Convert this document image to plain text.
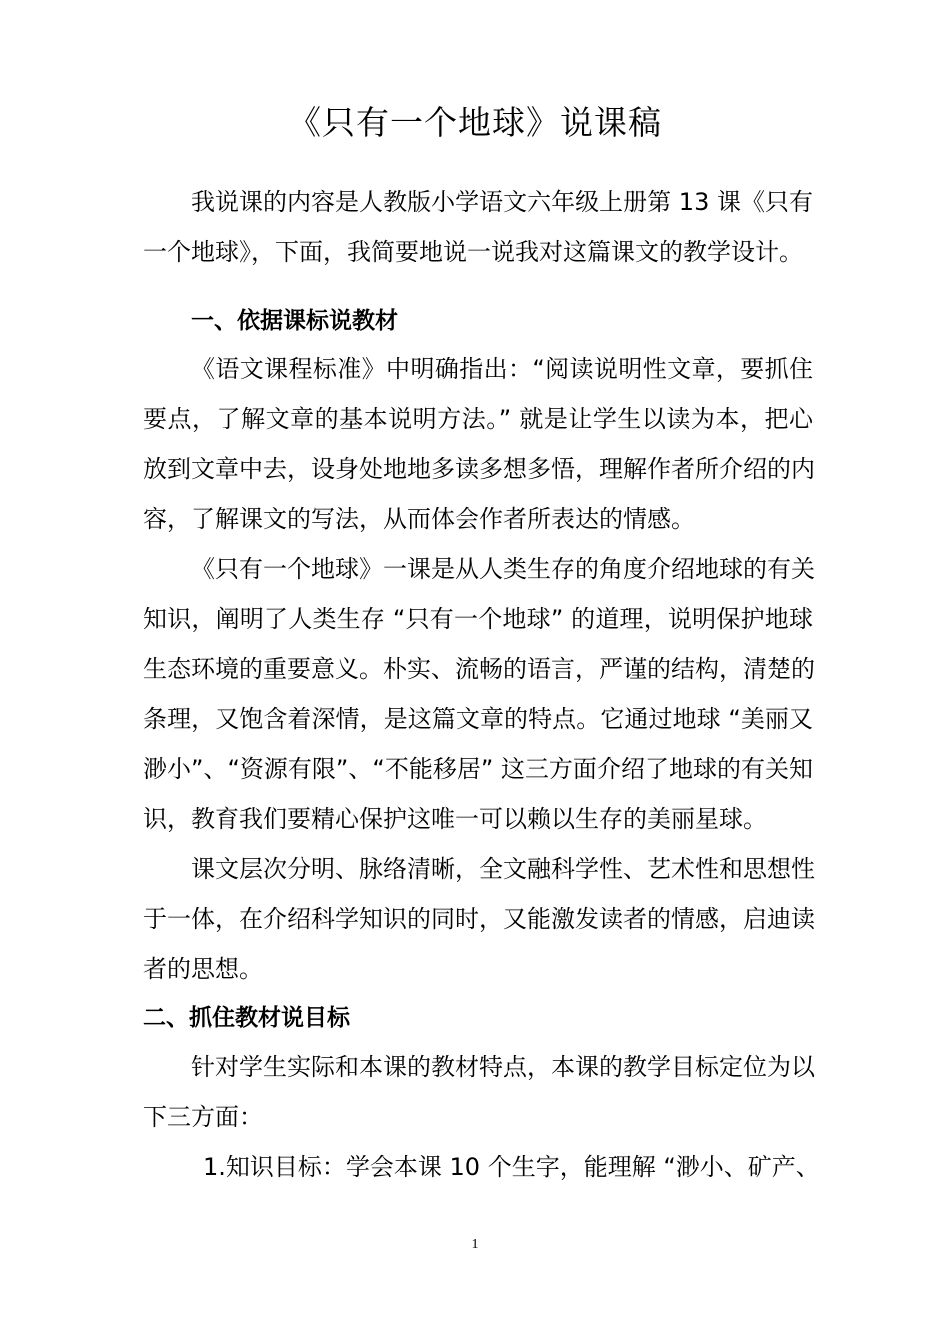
《只有一个地球》说课稿
我说课的内容是人教版小学语文六年级上册第 13 课《只有
一个地球》，下面，我简要地说一说我对这篇课文的教学设计。
一、依据课标说教材
《语文课程标准》中明确指出：“阅读说明性文章，要抓住
要点，了解文章的基本说明方法。” 就是让学生以读为本，把心
放到文章中去，设身处地地多读多想多悟，理解作者所介绍的内
容，了解课文的写法，从而体会作者所表达的情感。
《只有一个地球》一课是从人类生存的角度介绍地球的有关
知识，阐明了人类生存 “只有一个地球” 的道理，说明保护地球
生态环境的重要意义。朴实、流畅的语言，严谨的结构，清楚的
条理，又饱含着深情，是这篇文章的特点。它通过地球 “美丽又
渺小”、“资源有限”、“不能移居” 这三方面介绍了地球的有关知
识，教育我们要精心保护这唯一可以赖以生存的美丽星球。
课文层次分明、脉络清晰，全文融科学性、艺术性和思想性
于一体，在介绍科学知识的同时，又能激发读者的情感，启迪读
者的思想。
二、抓住教材说目标
针对学生实际和本课的教材特点，本课的教学目标定位为以
下三方面：
1.知识目标：学会本课 10 个生字，能理解 “渺小、矿产、
1
